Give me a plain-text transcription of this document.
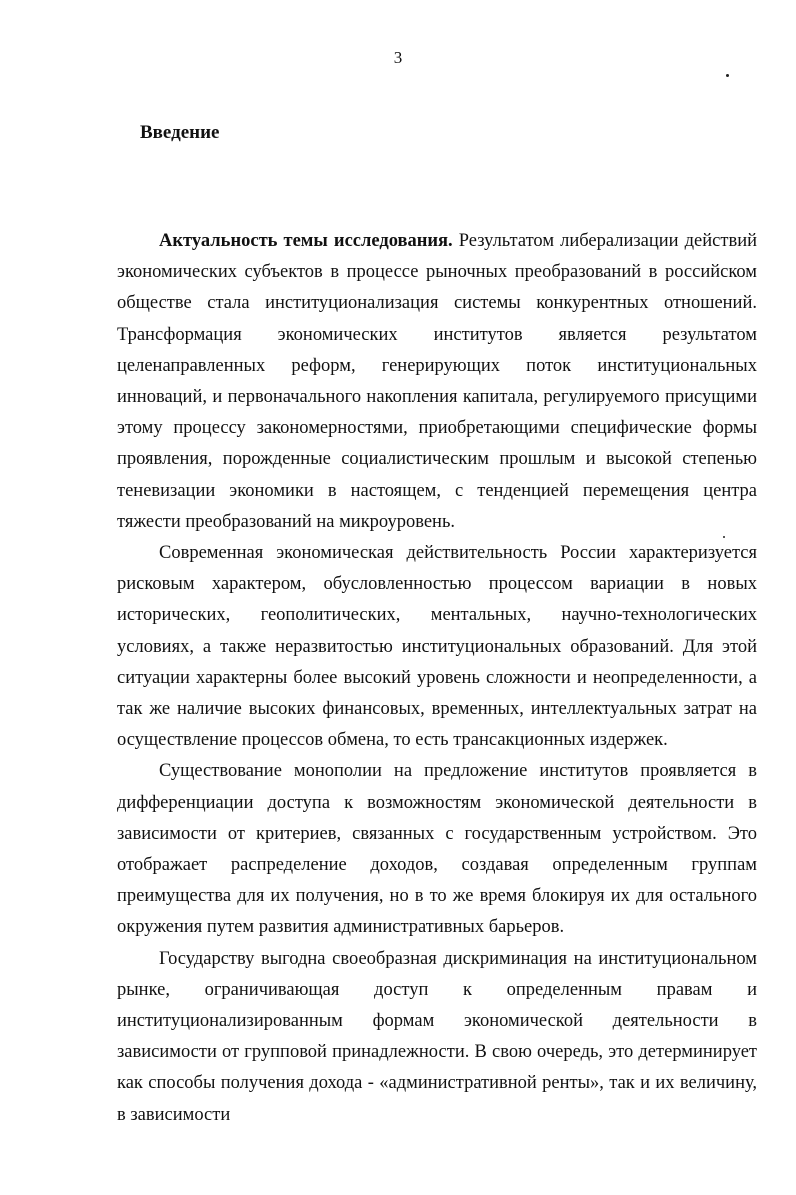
3
Введение

Актуальность темы исследования. Результатом либерализации действий экономических субъектов в процессе рыночных преобразований в российском обществе стала институционализация системы конкурентных отношений. Трансформация экономических институтов является результатом целенаправленных реформ, генерирующих поток институциональных инноваций, и первоначального накопления капитала, регулируемого присущими этому процессу закономерностями, приобретающими специфические формы проявления, порожденные социалистическим прошлым и высокой степенью теневизации экономики в настоящем, с тенденцией перемещения центра тяжести преобразований на микроуровень.

Современная экономическая действительность России характеризуется рисковым характером, обусловленностью процессом вариации в новых исторических, геополитических, ментальных, научно-технологических условиях, а также неразвитостью институциональных образований. Для этой ситуации характерны более высокий уровень сложности и неопределенности, а так же наличие высоких финансовых, временных, интеллектуальных затрат на осуществление процессов обмена, то есть трансакционных издержек.

Существование монополии на предложение институтов проявляется в дифференциации доступа к возможностям экономической деятельности в зависимости от критериев, связанных с государственным устройством. Это отображает распределение доходов, создавая определенным группам преимущества для их получения, но в то же время блокируя их для остального окружения путем развития административных барьеров.

Государству выгодна своеобразная дискриминация на институциональном рынке, ограничивающая доступ к определенным правам и институционализированным формам экономической деятельности в зависимости от групповой принадлежности. В свою очередь, это детерминирует как способы получения дохода - «административной ренты», так и их величину, в зависимости
